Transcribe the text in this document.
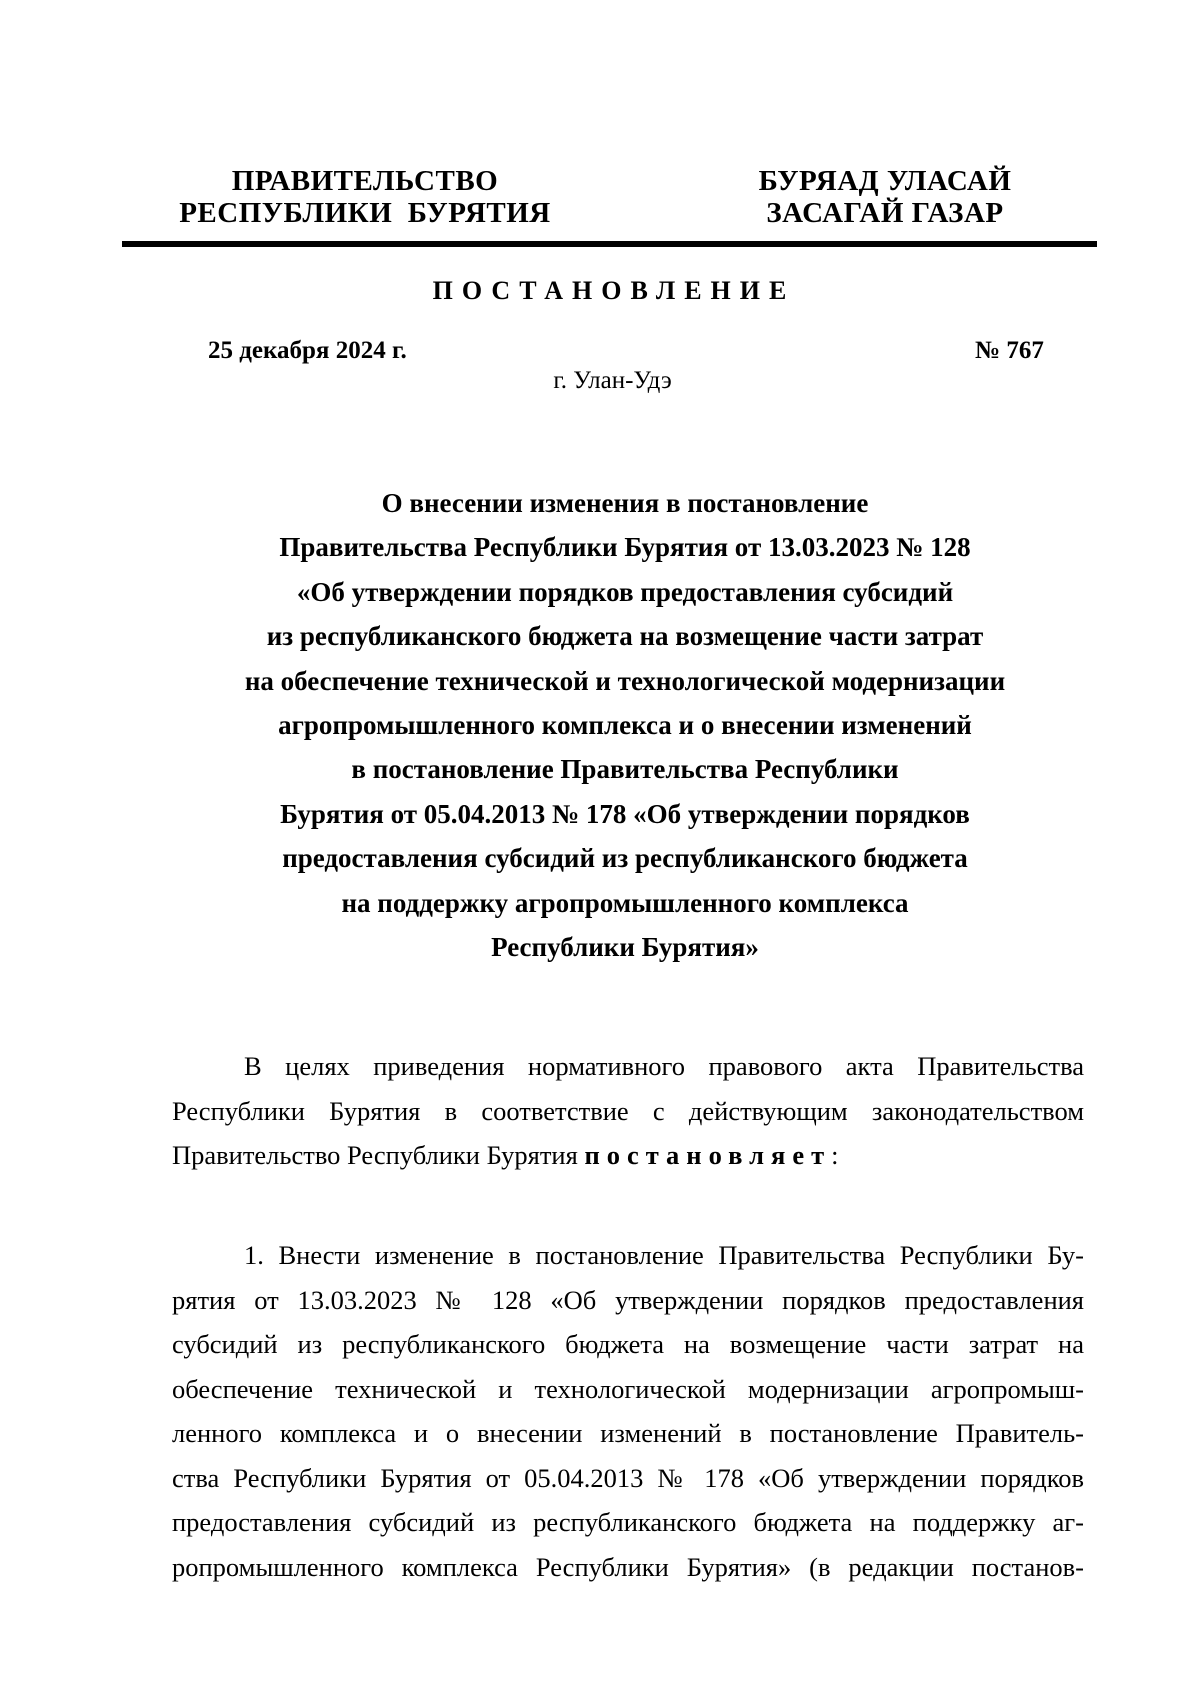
ПРАВИТЕЛЬСТВО
РЕСПУБЛИКИ  БУРЯТИЯ
БУРЯАД УЛАСАЙ
ЗАСАГАЙ ГАЗАР
ПОСТАНОВЛЕНИЕ
25 декабря 2024 г.	№ 767
г. Улан-Удэ
О внесении изменения в постановление
Правительства Республики Бурятия от 13.03.2023 № 128
«Об утверждении порядков предоставления субсидий
из республиканского бюджета на возмещение части затрат
на обеспечение технической и технологической модернизации
агропромышленного комплекса и о внесении изменений
в постановление Правительства Республики
Бурятия от 05.04.2013 № 178 «Об утверждении порядков
предоставления субсидий из республиканского бюджета
на поддержку агропромышленного комплекса
Республики Бурятия»
В целях приведения нормативного правового акта Правительства
Республики Бурятия в соответствие с действующим законодательством
Правительство Республики Бурятия постановляет:
1. Внести изменение в постановление Правительства Республики Бу-
рятия от 13.03.2023 № 128 «Об утверждении порядков предоставления
субсидий из республиканского бюджета на возмещение части затрат на
обеспечение технической и технологической модернизации агропромыш-
ленного комплекса и о внесении изменений в постановление Правитель-
ства Республики Бурятия от 05.04.2013 № 178 «Об утверждении порядков
предоставления субсидий из республиканского бюджета на поддержку аг-
ропромышленного комплекса Республики Бурятия» (в редакции постанов-
